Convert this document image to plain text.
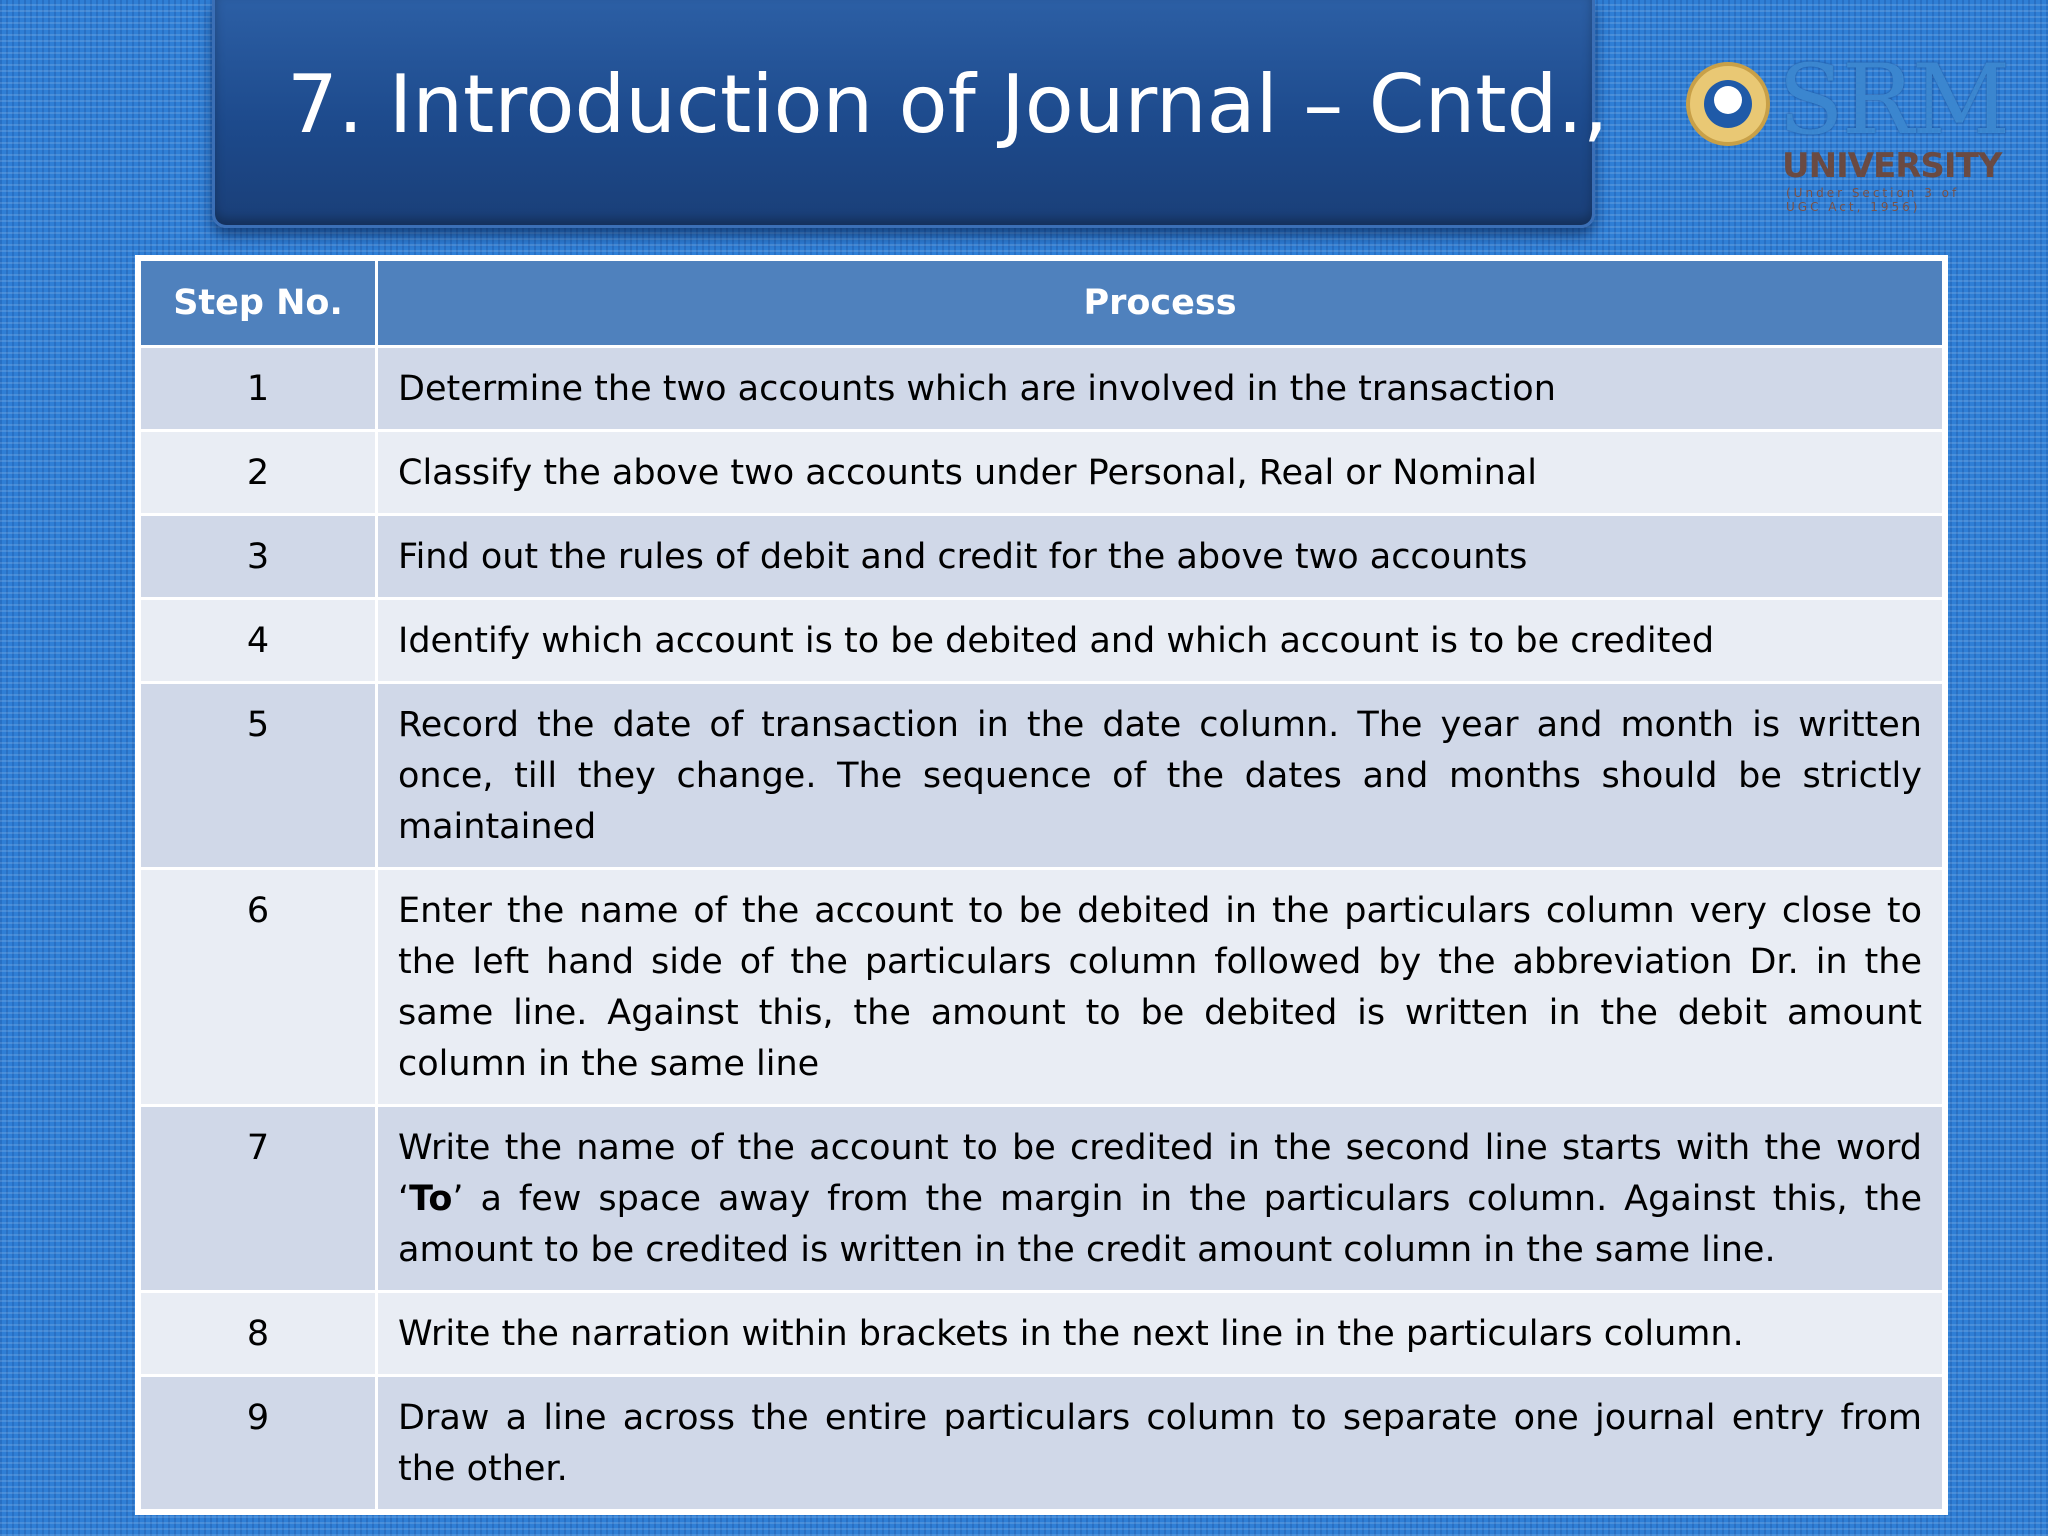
7. Introduction of Journal – Cntd., SRM
UNIVERSITY
(Under Section 3 of UGC Act, 1956)
Step No.	Process
1	Determine the two accounts which are involved in the transaction
2	Classify the above two accounts under Personal, Real or Nominal
3	Find out the rules of debit and credit for the above two accounts
4	Identify which account is to be debited and which account is to be credited
5	Record the date of transaction in the date column. The year and month is written once, till they change. The sequence of the dates and months should be strictly maintained
6	Enter the name of the account to be debited in the particulars column very close to the left hand side of the particulars column followed by the abbreviation Dr. in the same line. Against this, the amount to be debited is written in the debit amount column in the same line
7	Write the name of the account to be credited in the second line starts with the word ‘To’ a few space away from the margin in the particulars column. Against this, the amount to be credited is written in the credit amount column in the same line.
8	Write the narration within brackets in the next line in the particulars column.
9	Draw a line across the entire particulars column to separate one journal entry from the other.
